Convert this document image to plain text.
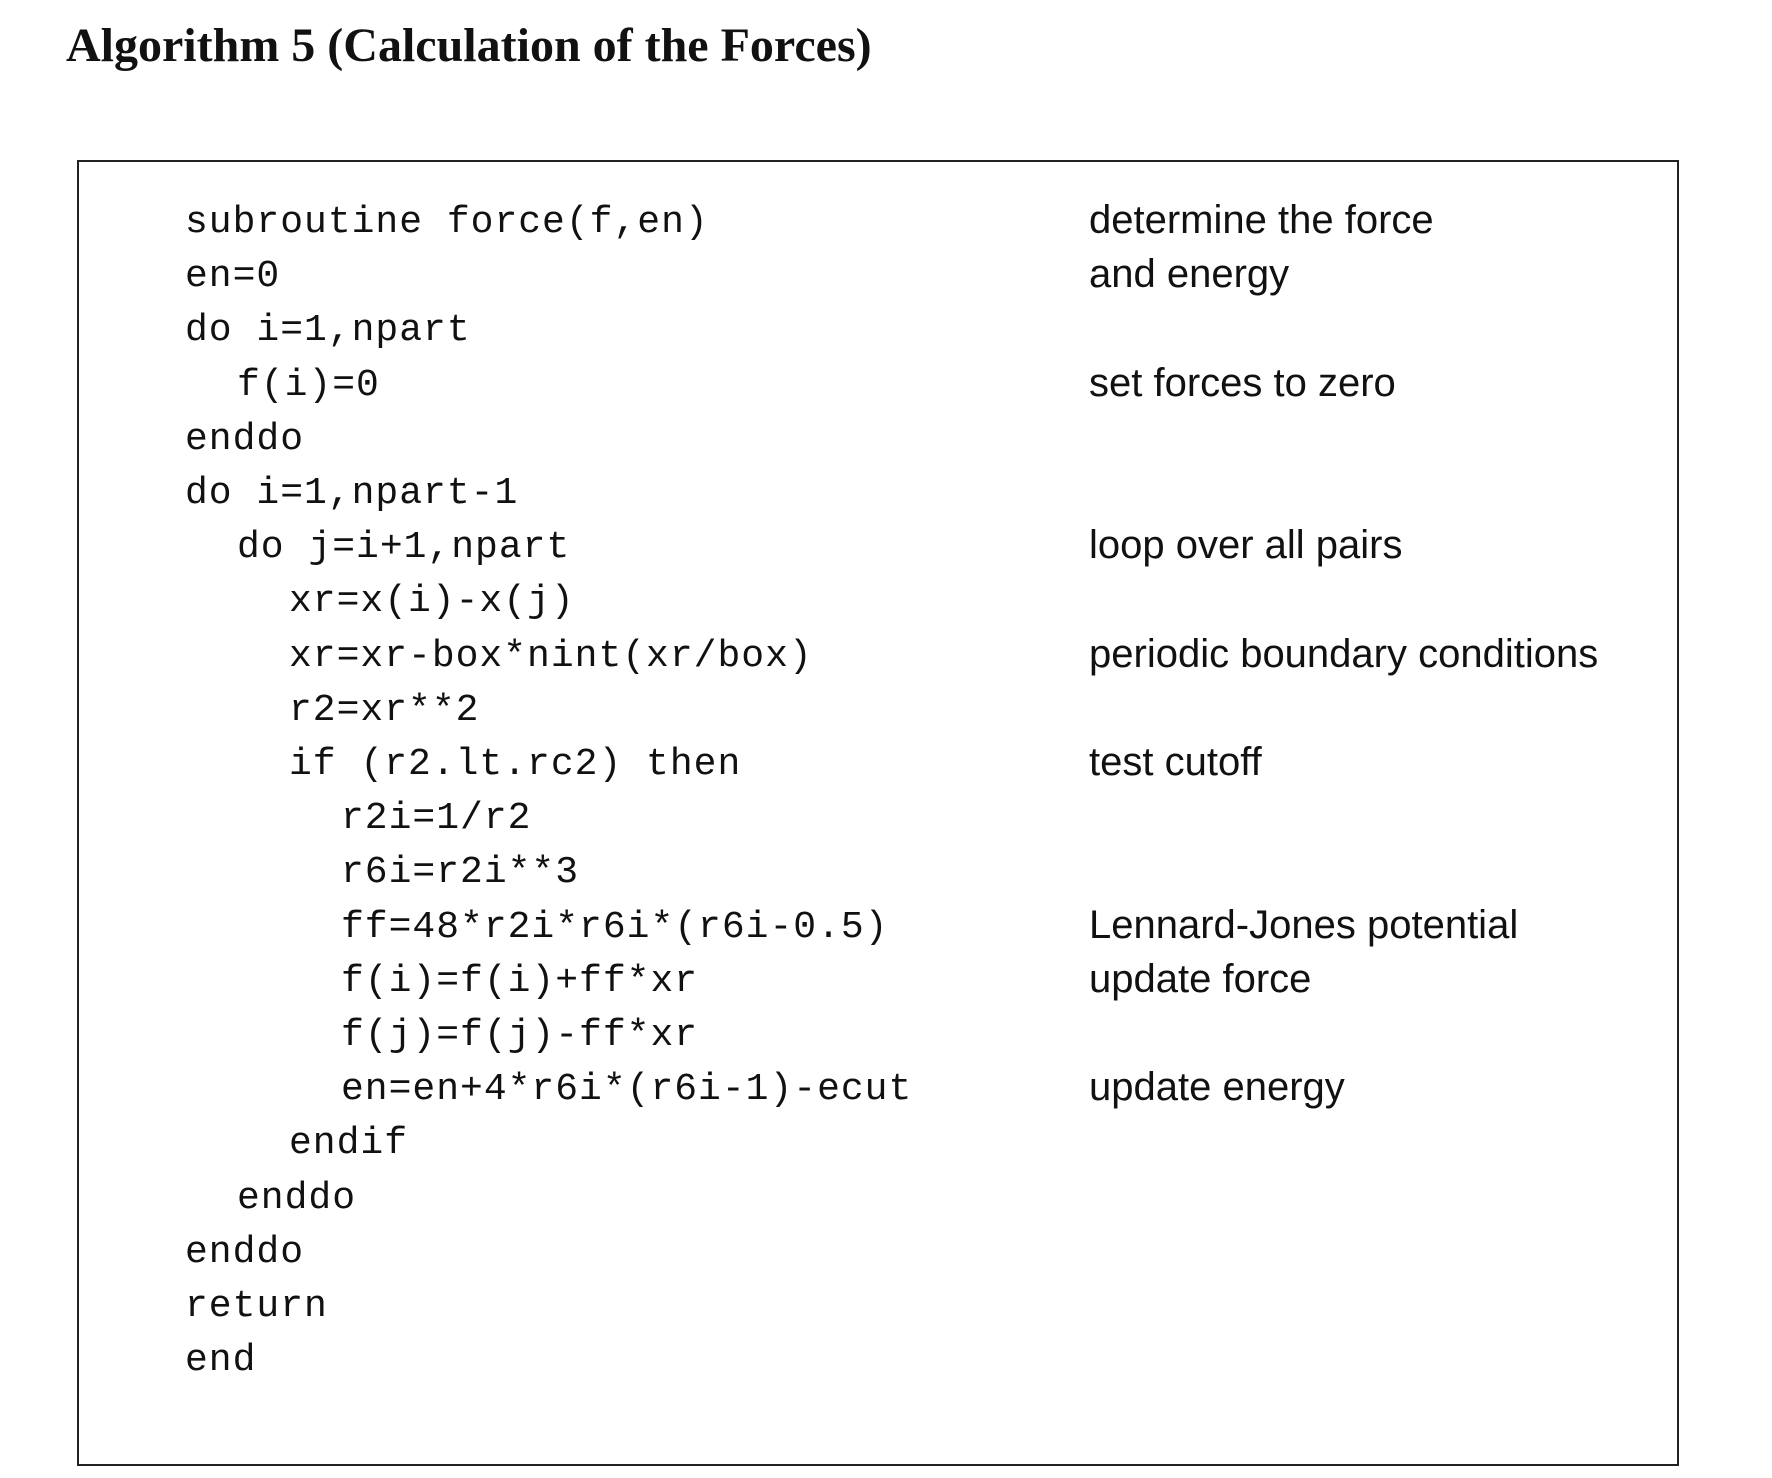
Algorithm 5 (Calculation of the Forces)
subroutine force(f,en)	determine the force
en=0	and energy
do i=1,npart
f(i)=0	set forces to zero
enddo
do i=1,npart-1
do j=i+1,npart	loop over all pairs
xr=x(i)-x(j)
xr=xr-box*nint(xr/box)	periodic boundary conditions
r2=xr**2
if (r2.lt.rc2) then	test cutoff
r2i=1/r2
r6i=r2i**3
ff=48*r2i*r6i*(r6i-0.5)	Lennard-Jones potential
f(i)=f(i)+ff*xr	update force
f(j)=f(j)-ff*xr
en=en+4*r6i*(r6i-1)-ecut	update energy
endif
enddo
enddo
return
end
